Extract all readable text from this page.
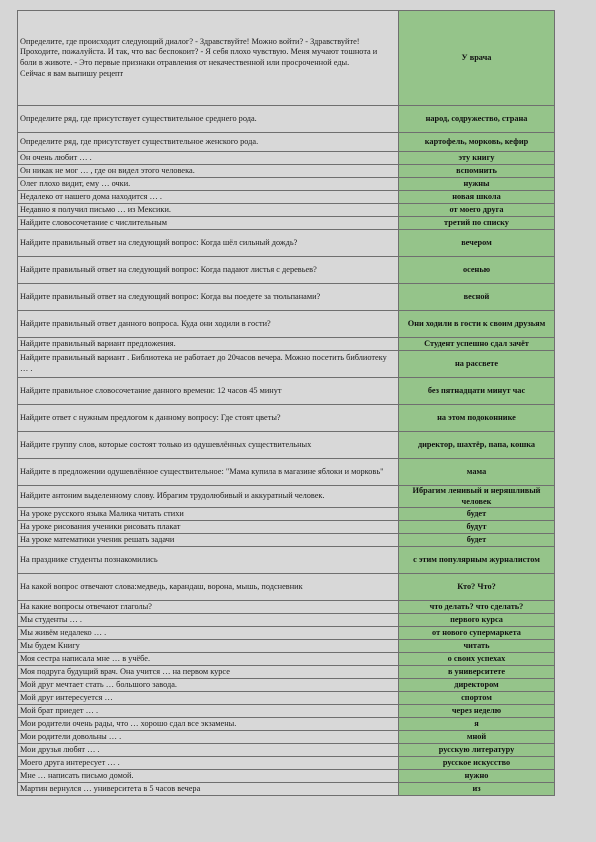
Определите, где происходит следующий диалог? - Здравствуйте! Можно войти? - Здравствуйте! Проходите, пожалуйста. И так, что вас беспокоит? - Я себя плохо чувствую. Меня мучают тошнота и боли в животе. - Это первые признаки отравления от некачественной или просроченной еды.
Сейчас я вам выпишу рецепт	У врача
Определите ряд, где присутствует существительное среднего рода.	народ, содружество, страна
Определите ряд, где присутствует существительное женского рода.	картофель, морковь, кефир
Он очень любит … .	эту книгу
Он никак не мог … , где он видел этого человека.	вспомнить
Олег плохо видит, ему … очки.	нужны
Недалеко от нашего дома находится … .	новая школа
Недавно я получил письмо … из Мексики.	от моего друга
Найдите словосочетание с числительным	третий по списку
Найдите правильный ответ на следующий вопрос: Когда шёл сильный дождь?	вечером
Найдите правильный ответ на следующий вопрос: Когда падают листья с деревьев?	осенью
Найдите правильный ответ на следующий вопрос: Когда вы поедете за тюльпанами?	весной
Найдите правильный ответ данного вопроса. Куда они ходили в гости?	Они ходили в гости к своим друзьям
Найдите правильный вариант предложения.	Студент успешно сдал зачёт
Найдите правильный вариант . Библиотека не работает до 20часов вечера. Можно посетить библиотеку … .	на рассвете
Найдите правильное словосочетание данного времени: 12 часов 45 минут	без пятнадцати минут час
Найдите ответ с нужным предлогом к данному вопросу: Где стоят цветы?	на этом подоконнике
Найдите группу слов, которые состоят только из одушевлённых существительных	директор, шахтёр, папа, кошка
Найдите в предложении одушевлённое существительное: "Мама купила в магазине яблоки и морковь"	мама
Найдите антоним выделенному слову. Ибрагим трудолюбивый и аккуратный человек.	Ибрагим ленивый и неряшливый человек
На уроке русского языка Малика читать стихи	будет
На уроке рисования ученики рисовать плакат	будут
На уроке математики ученик решать задачи	будет
На празднике студенты познакомились	с этим популярным журналистом
На какой вопрос отвечают слова:медведь, карандаш, ворона, мышь, подсневник	Кто? Что?
На какие вопросы отвечают глаголы?	что делать? что сделать?
Мы студенты … .	первого курса
Мы живём недалеко … .	от нового супермаркета
Мы будем Книгу	читать
Моя сестра написала мне … в учёбе.	о своих успехах
Моя подруга будущий врач. Она учится … на первом курсе	в университете
Мой друг мечтает стать … большого завода.	директором
Мой друг интересуется …	спортом
Мой брат приедет … .	через неделю
Мои родители очень рады, что … хорошо сдал все экзамены.	я
Мои родители довольны … .	мной
Мои друзья любят … .	русскую литературу
Моего друга интересует … .	русское искусство
Мне … написать письмо домой.	нужно
Мартин вернулся … университета в 5 часов вечера	из
